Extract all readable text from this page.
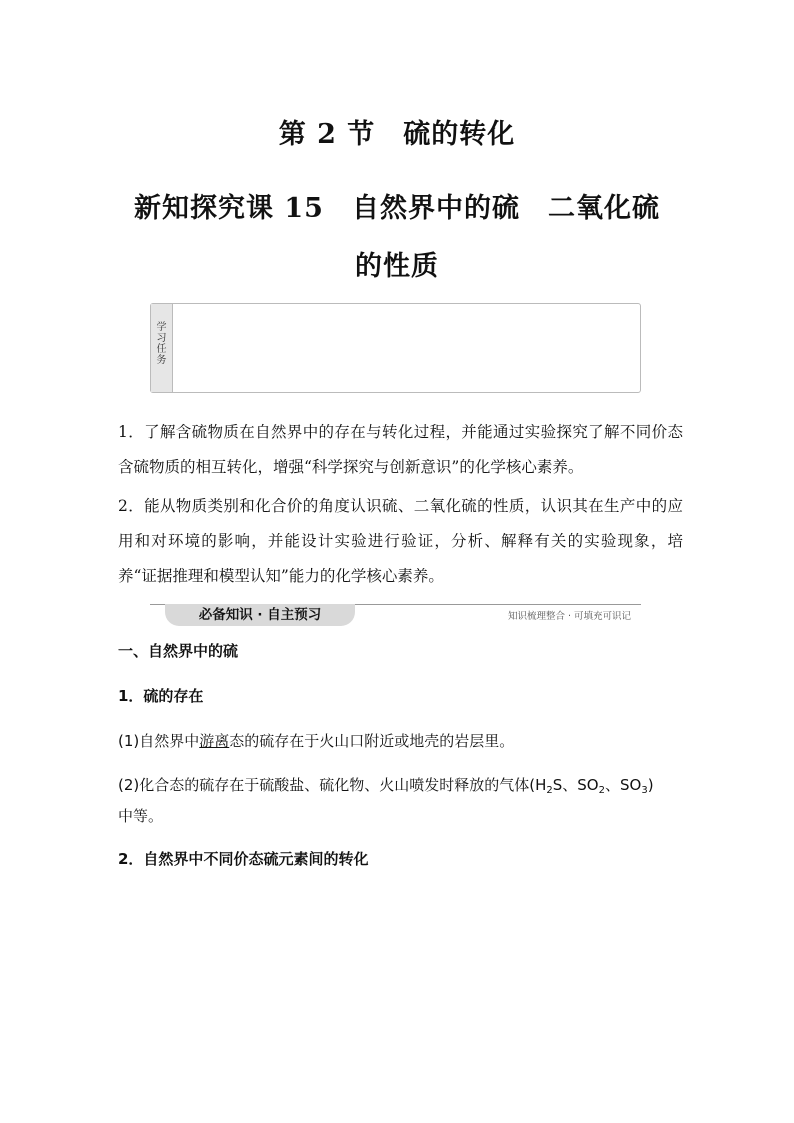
第 2 节　硫的转化
新知探究课 15　自然界中的硫　二氧化硫
的性质
学
习
任
务
1．了解含硫物质在自然界中的存在与转化过程，并能通过实验探究了解不同价态含硫物质的相互转化，增强“科学探究与创新意识”的化学核心素养。
2．能从物质类别和化合价的角度认识硫、二氧化硫的性质，认识其在生产中的应用和对环境的影响，并能设计实验进行验证，分析、解释有关的实验现象，培养“证据推理和模型认知”能力的化学核心素养。
必备知识 · 自主预习	知识梳理整合 · 可填充可识记
一、自然界中的硫
1．硫的存在
(1)自然界中游离态的硫存在于火山口附近或地壳的岩层里。
(2)化合态的硫存在于硫酸盐、硫化物、火山喷发时释放的气体($H_2S$、$SO_2$、$SO_3$)
中等。
2．自然界中不同价态硫元素间的转化
